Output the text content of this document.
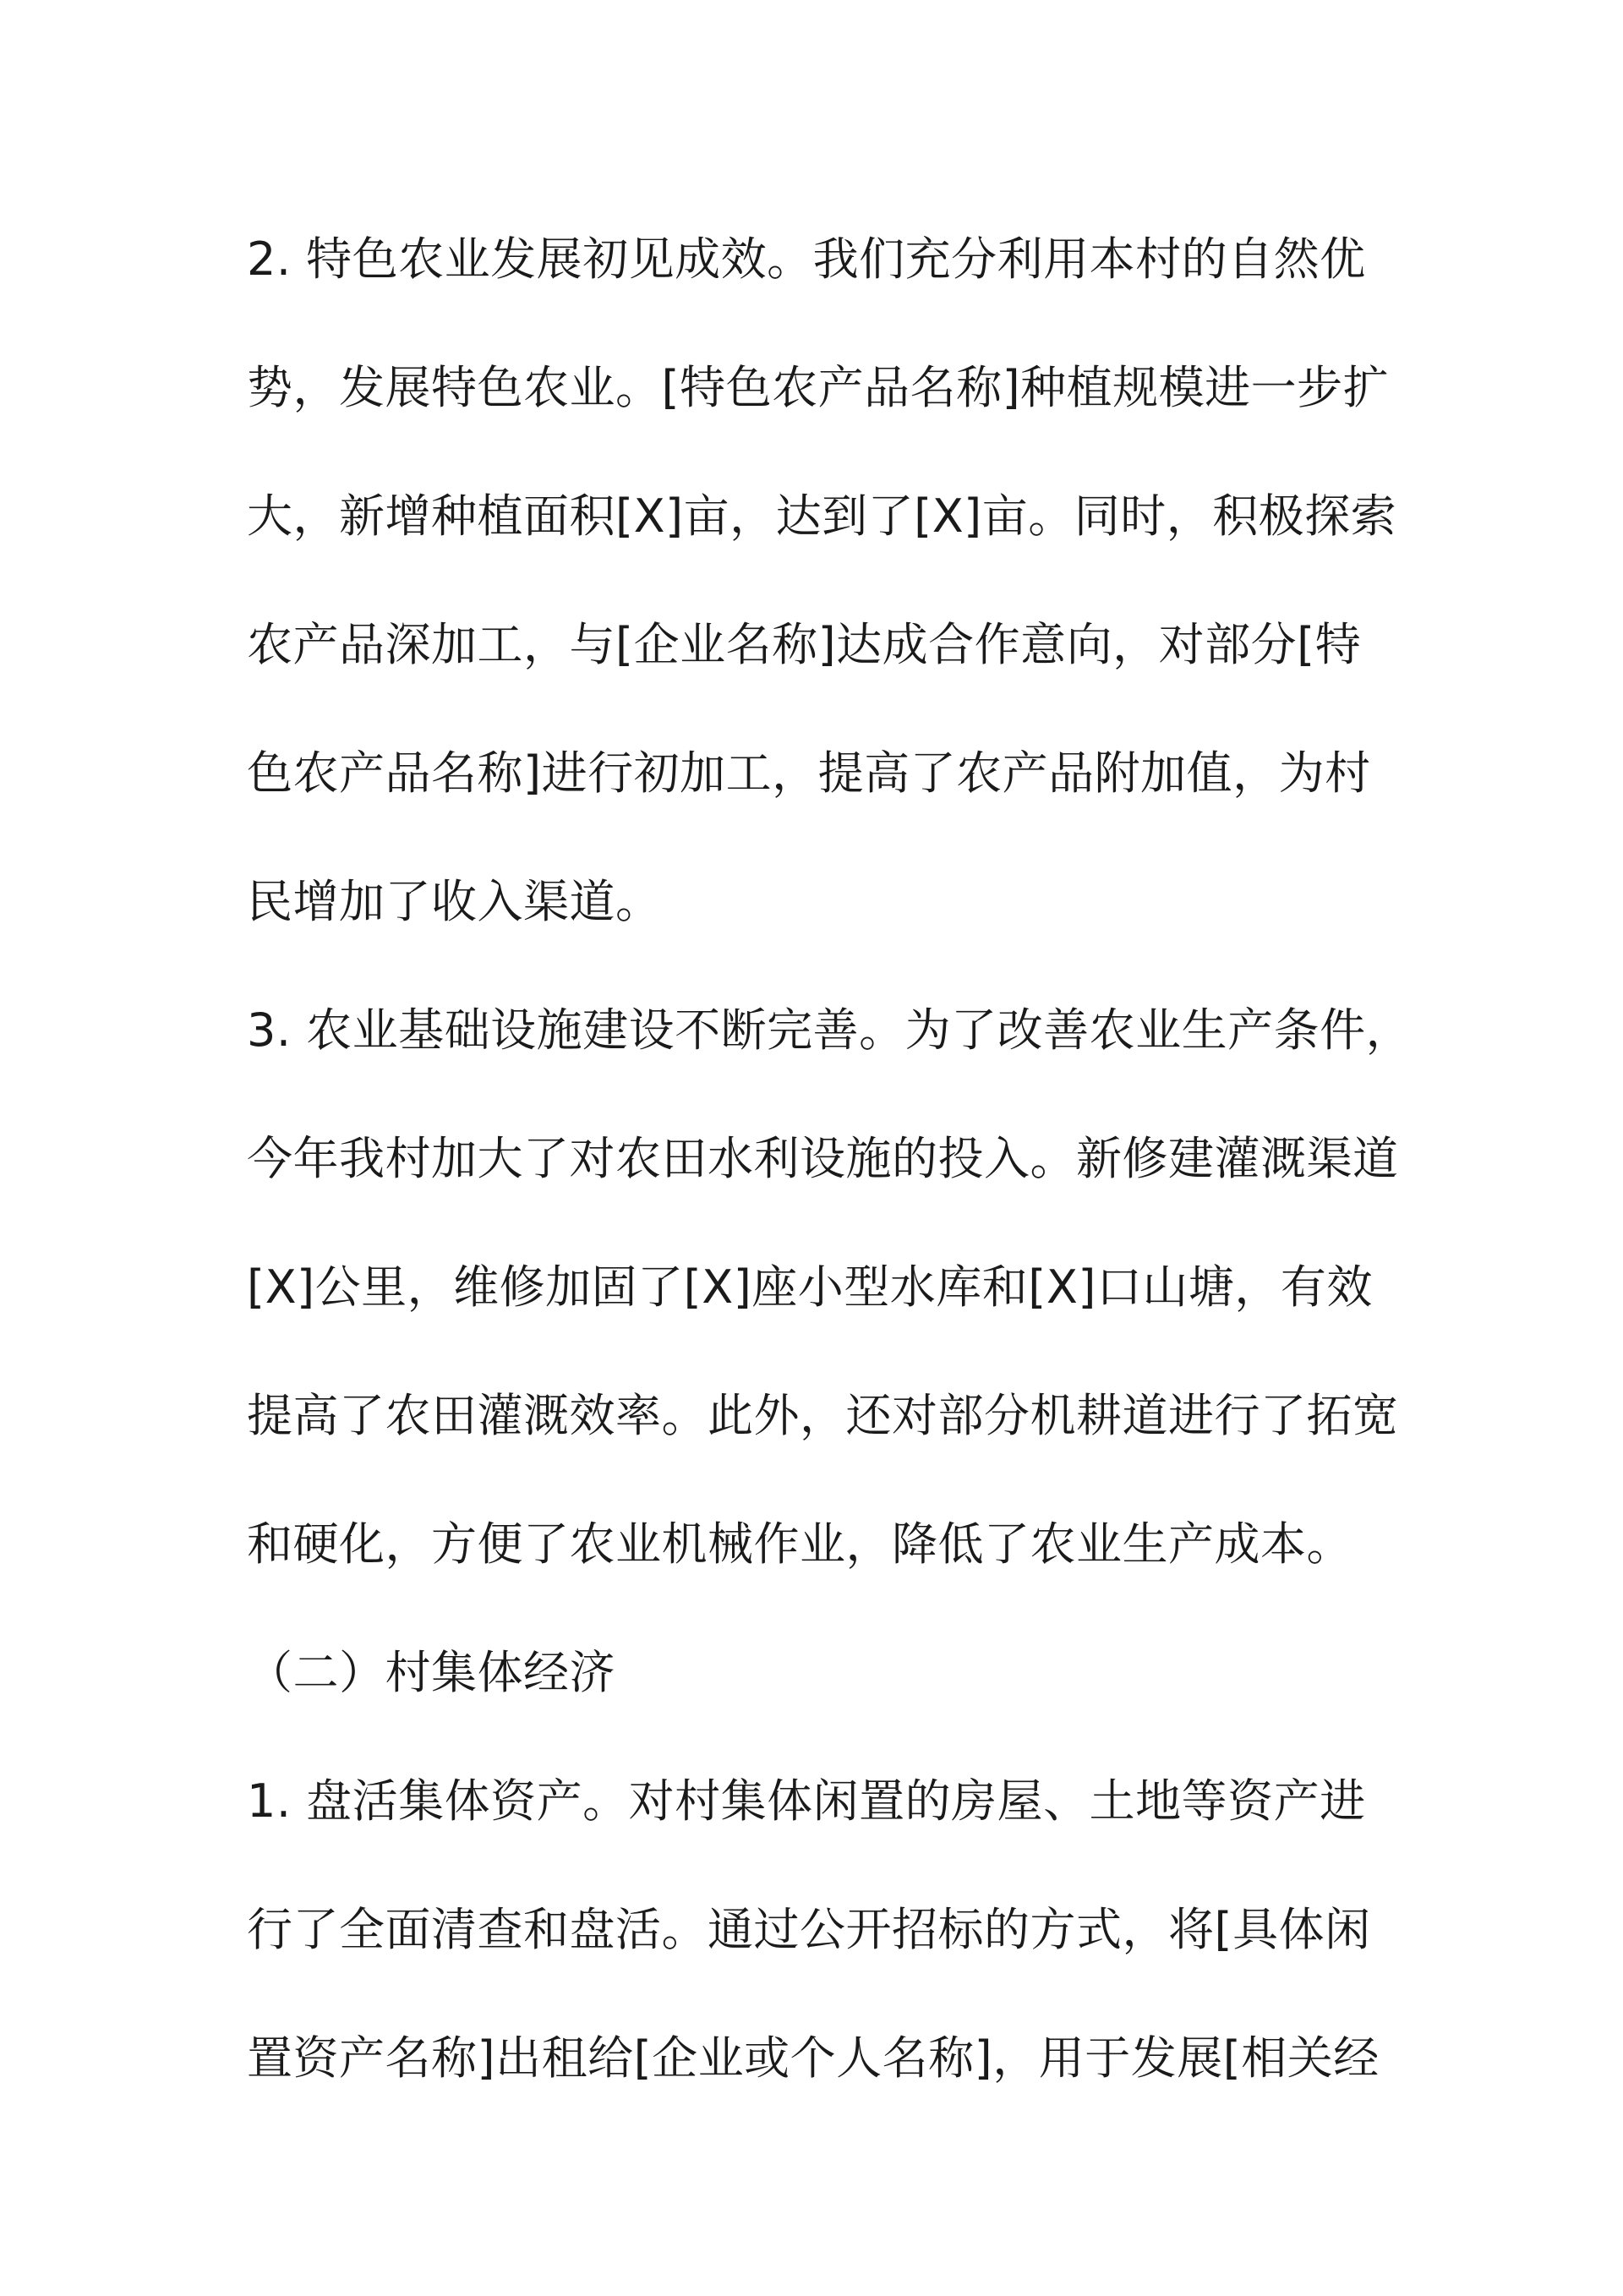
2. 特色农业发展初见成效。我们充分利用本村的自然优
势，发展特色农业。[特色农产品名称]种植规模进一步扩
大，新增种植面积[X]亩，达到了[X]亩。同时，积极探索
农产品深加工，与[企业名称]达成合作意向，对部分[特
色农产品名称]进行初加工，提高了农产品附加值，为村
民增加了收入渠道。
3. 农业基础设施建设不断完善。为了改善农业生产条件，
今年我村加大了对农田水利设施的投入。新修建灌溉渠道
[X]公里，维修加固了[X]座小型水库和[X]口山塘，有效
提高了农田灌溉效率。此外，还对部分机耕道进行了拓宽
和硬化，方便了农业机械作业，降低了农业生产成本。
（二）村集体经济
1. 盘活集体资产。对村集体闲置的房屋、土地等资产进
行了全面清查和盘活。通过公开招标的方式，将[具体闲
置资产名称]出租给[企业或个人名称]，用于发展[相关经
